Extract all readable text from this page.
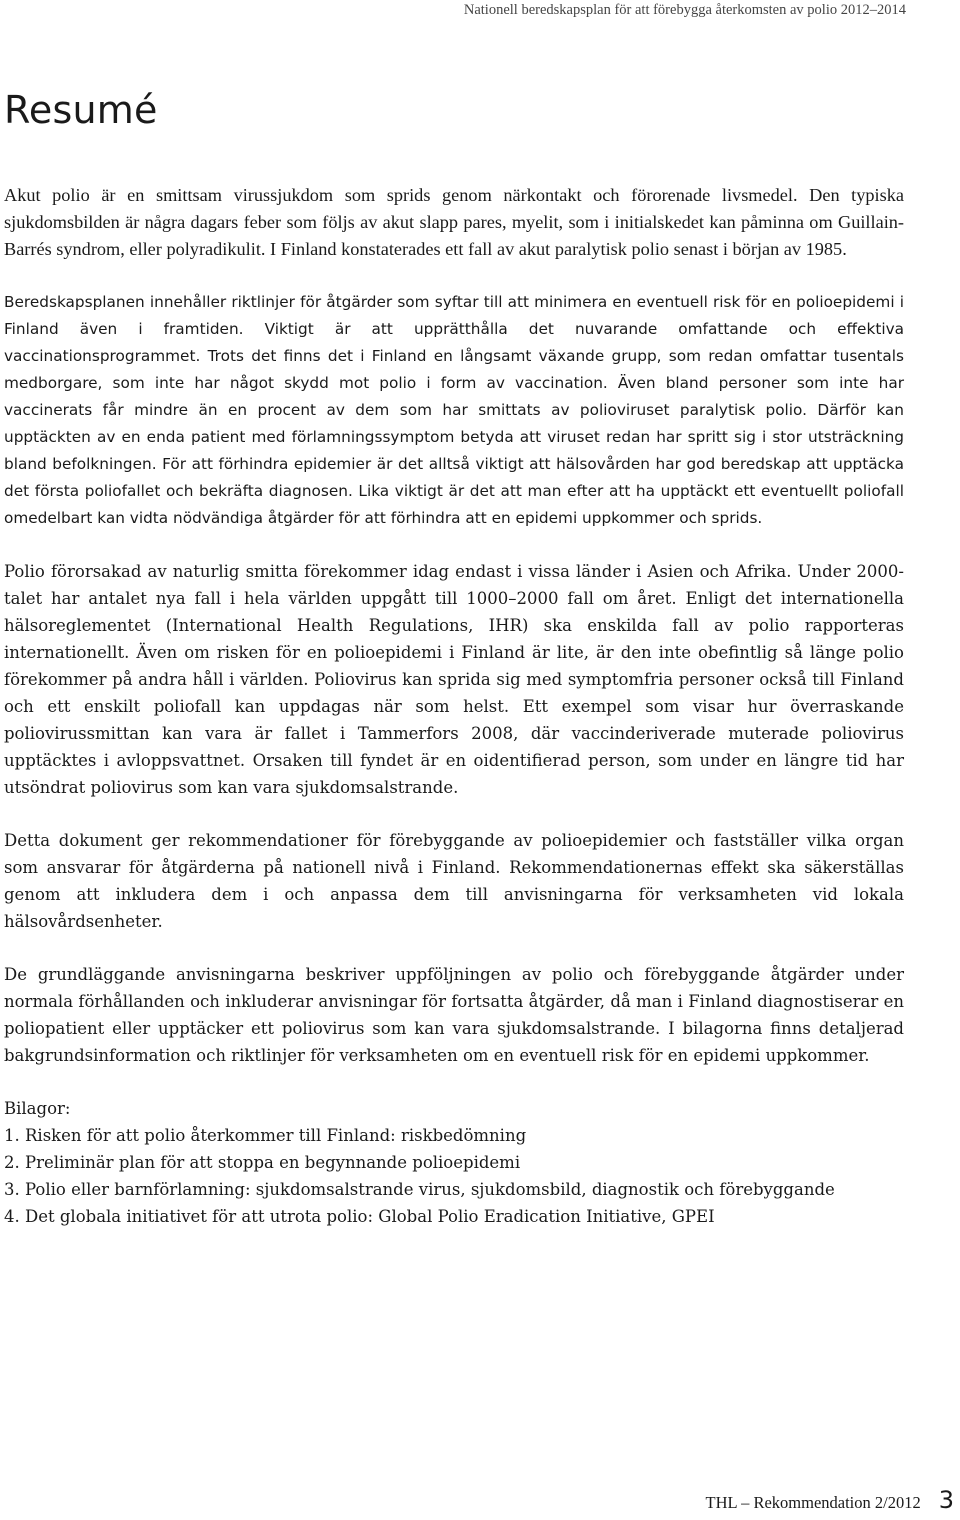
Nationell beredskapsplan för att förebygga återkomsten av polio 2012–2014
Resumé

Akut polio är en smittsam virussjukdom som sprids genom närkontakt och förorenade livsmedel. Den typiska sjukdomsbilden är några dagars feber som följs av akut slapp pares, myelit, som i initialskedet kan påminna om Guillain-Barrés syndrom, eller polyradikulit. I Finland konstaterades ett fall av akut paralytisk polio senast i början av 1985.

Beredskapsplanen innehåller riktlinjer för åtgärder som syftar till att minimera en eventuell risk för en polioepidemi i Finland även i framtiden. Viktigt är att upprätthålla det nuvarande omfattande och effektiva vaccinationsprogrammet. Trots det finns det i Finland en långsamt växande grupp, som redan omfattar tusentals medborgare, som inte har något skydd mot polio i form av vaccination. Även bland personer som inte har vaccinerats får mindre än en procent av dem som har smittats av polioviruset paralytisk polio. Därför kan upptäckten av en enda patient med förlamningssymptom betyda att viruset redan har spritt sig i stor utsträckning bland befolkningen. För att förhindra epidemier är det alltså viktigt att hälsovården har god beredskap att upptäcka det första poliofallet och bekräfta diagnosen. Lika viktigt är det att man efter att ha upptäckt ett eventuellt poliofall omedelbart kan vidta nödvändiga åtgärder för att förhindra att en epidemi uppkommer och sprids.

Polio förorsakad av naturlig smitta förekommer idag endast i vissa länder i Asien och Afrika. Under 2000-talet har antalet nya fall i hela världen uppgått till 1000–2000 fall om året. Enligt det internationella hälsoreglementet (International Health Regulations, IHR) ska enskilda fall av polio rapporteras internationellt. Även om risken för en polioepidemi i Finland är lite, är den inte obefintlig så länge polio förekommer på andra håll i världen. Poliovirus kan sprida sig med symptomfria personer också till Finland och ett enskilt poliofall kan uppdagas när som helst. Ett exempel som visar hur överraskande poliovirussmittan kan vara är fallet i Tammerfors 2008, där vaccinderiverade muterade poliovirus upptäcktes i avloppsvattnet. Orsaken till fyndet är en oidentifierad person, som under en längre tid har utsöndrat poliovirus som kan vara sjukdomsalstrande.

Detta dokument ger rekommendationer för förebyggande av polioepidemier och fastställer vilka organ som ansvarar för åtgärderna på nationell nivå i Finland. Rekommendationernas effekt ska säkerställas genom att inkludera dem i och anpassa dem till anvisningarna för verksamheten vid lokala hälsovårdsenheter.

De grundläggande anvisningarna beskriver uppföljningen av polio och förebyggande åtgärder under normala förhållanden och inkluderar anvisningar för fortsatta åtgärder, då man i Finland diagnostiserar en poliopatient eller upptäcker ett poliovirus som kan vara sjukdomsalstrande. I bilagorna finns detaljerad bakgrundsinformation och riktlinjer för verksamheten om en eventuell risk för en epidemi uppkommer.

Bilagor:

1. Risken för att polio återkommer till Finland: riskbedömning
2. Preliminär plan för att stoppa en begynnande polioepidemi
3. Polio eller barnförlamning: sjukdomsalstrande virus, sjukdomsbild, diagnostik och förebyggande
4. Det globala initiativet för att utrota polio: Global Polio Eradication Initiative, GPEI
THL – Rekommendation 2/2012 3
